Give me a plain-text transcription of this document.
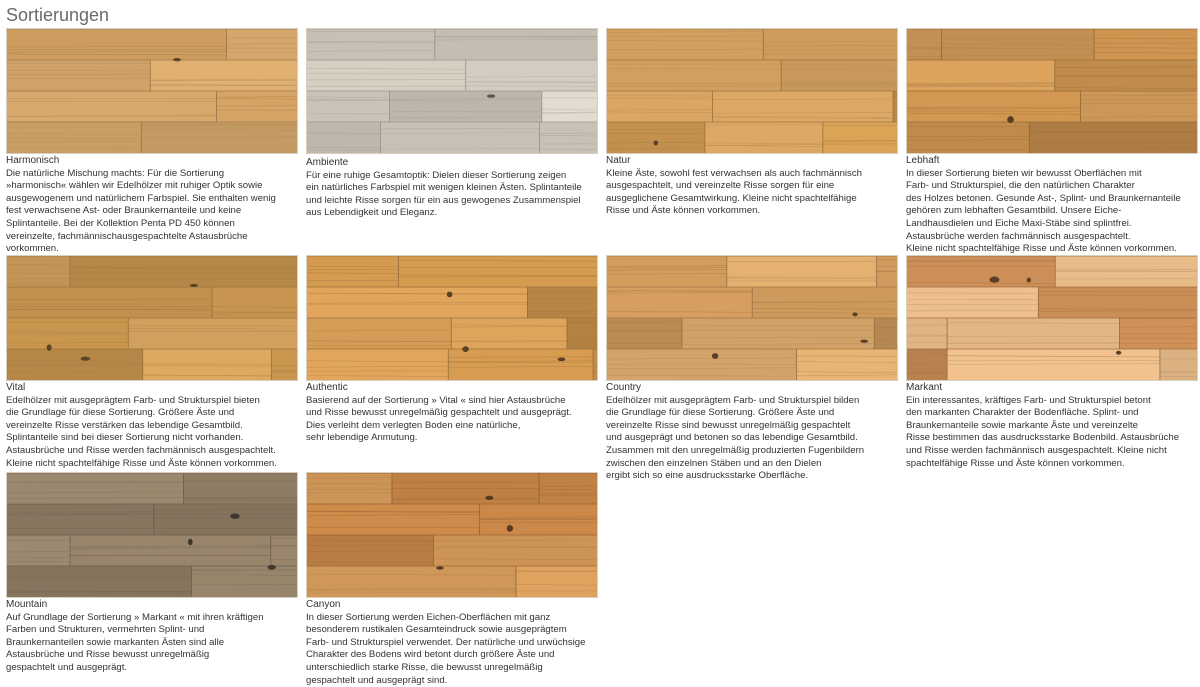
Sortierungen
Harmonisch
Die natürliche Mischung machts: Für die Sortierung
»harmonisch« wählen wir Edelhölzer mit ruhiger Optik sowie
ausgewogenem und natürlichem Farbspiel. Sie enthalten wenig
fest verwachsene Ast- oder Braunkernanteile und keine
Splintanteile. Bei der Kollektion Penta PD 450 können
vereinzelte, fachmännischausgespachtelte Astausbrüche
vorkommen.
Ambiente
Für eine ruhige Gesamtoptik: Dielen dieser Sortierung zeigen
ein natürliches Farbspiel mit wenigen kleinen Ästen. Splintanteile
und leichte Risse sorgen für ein aus gewogenes Zusammenspiel
aus Lebendigkeit und Eleganz.
Natur
Kleine Äste, sowohl fest verwachsen als auch fachmännisch
ausgespachtelt, und vereinzelte Risse sorgen für eine
ausgeglichene Gesamtwirkung. Kleine nicht spachtelfähige
Risse und Äste können vorkommen.
Lebhaft
In dieser Sortierung bieten wir bewusst Oberflächen mit
Farb- und Strukturspiel, die den natürlichen Charakter
des Holzes betonen. Gesunde Ast-, Splint- und Braunkernanteile
gehören zum lebhaften Gesamtbild. Unsere Eiche-
Landhausdielen und Eiche Maxi-Stäbe sind splintfrei.
Astausbrüche werden fachmännisch ausgespachtelt.
Kleine nicht spachtelfähige Risse und Äste können vorkommen.
Vital
Edelhölzer mit ausgeprägtem Farb- und Strukturspiel bieten
die Grundlage für diese Sortierung. Größere Äste und
vereinzelte Risse verstärken das lebendige Gesamtbild.
Splintanteile sind bei dieser Sortierung nicht vorhanden.
Astausbrüche und Risse werden fachmännisch ausgespachtelt.
Kleine nicht spachtelfähige Risse und Äste können vorkommen.
Authentic
Basierend auf der Sortierung » Vital « sind hier Astausbrüche
und Risse bewusst unregelmäßig gespachtelt und ausgeprägt.
Dies verleiht dem verlegten Boden eine natürliche,
sehr lebendige Anmutung.
Country
Edelhölzer mit ausgeprägtem Farb- und Strukturspiel bilden
die Grundlage für diese Sortierung. Größere Äste und
vereinzelte Risse sind bewusst unregelmäßig gespachtelt
und ausgeprägt und betonen so das lebendige Gesamtbild.
Zusammen mit den unregelmäßig produzierten Fugenbildern
zwischen den einzelnen Stäben und an den Dielen
ergibt sich so eine ausdrucksstarke Oberfläche.
Markant
Ein interessantes, kräftiges Farb- und Strukturspiel betont
den markanten Charakter der Bodenfläche. Splint- und
Braunkernanteile sowie markante Äste und vereinzelte
Risse bestimmen das ausdrucksstarke Bodenbild. Astausbrüche
und Risse werden fachmännisch ausgespachtelt. Kleine nicht
spachtelfähige Risse und Äste können vorkommen.
Mountain
Auf Grundlage der Sortierung » Markant « mit ihren kräftigen
Farben und Strukturen, vermehrten Splint- und
Braunkernanteilen sowie markanten Ästen sind alle
Astausbrüche und Risse bewusst unregelmäßig
gespachtelt und ausgeprägt.
Canyon
In dieser Sortierung werden Eichen-Oberflächen mit ganz
besonderem rustikalen Gesamteindruck sowie ausgeprägtem
Farb- und Strukturspiel verwendet. Der natürliche und urwüchsige
Charakter des Bodens wird betont durch größere Äste und
unterschiedlich starke Risse, die bewusst unregelmäßig
gespachtelt und ausgeprägt sind.
